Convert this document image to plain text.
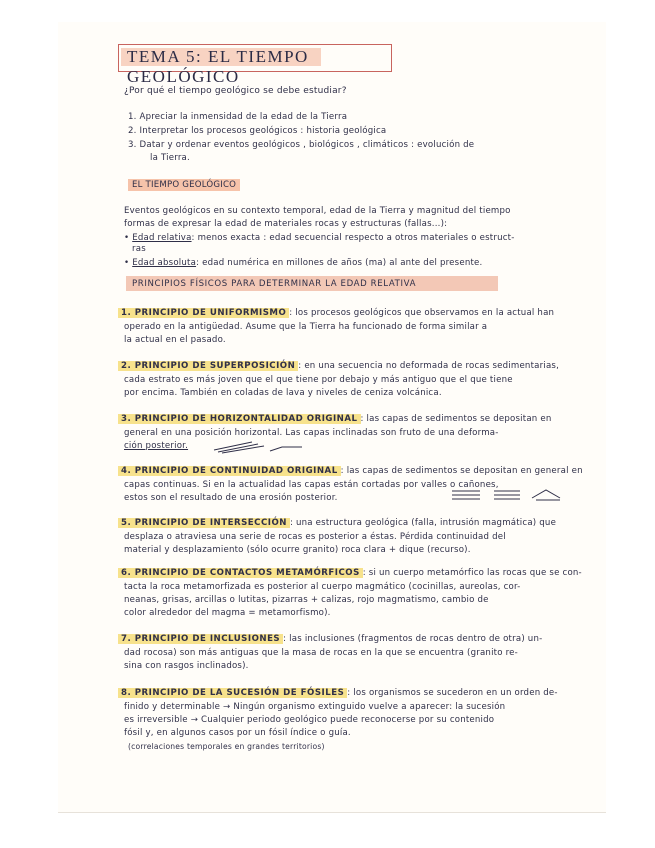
TEMA 5: EL TIEMPO GEOLÓGICO
¿Por qué el tiempo geológico se debe estudiar?
1. Apreciar la inmensidad de la edad de la Tierra
2. Interpretar los procesos geológicos : historia geológica
3. Datar y ordenar eventos geológicos , biológicos , climáticos : evolución de
la Tierra.
EL TIEMPO GEOLÓGICO
Eventos geológicos en su contexto temporal, edad de la Tierra y magnitud del tiempo
formas de expresar la edad de materiales rocas y estructuras (fallas...):
• Edad relativa: menos exacta : edad secuencial respecto a otros materiales o estruct-
ras
• Edad absoluta: edad numérica en millones de años (ma) al ante del presente.
PRINCIPIOS FÍSICOS PARA DETERMINAR LA EDAD RELATIVA
1. PRINCIPIO DE UNIFORMISMO : los procesos geológicos que observamos en la actual han
operado en la antigüedad. Asume que la Tierra ha funcionado de forma similar a
la actual en el pasado.
2. PRINCIPIO DE SUPERPOSICIÓN : en una secuencia no deformada de rocas sedimentarias,
cada estrato es más joven que el que tiene por debajo y más antiguo que el que tiene
por encima. También en coladas de lava y niveles de ceniza volcánica.
3. PRINCIPIO DE HORIZONTALIDAD ORIGINAL : las capas de sedimentos se depositan en
general en una posición horizontal. Las capas inclinadas son fruto de una deforma-
ción posterior.
4. PRINCIPIO DE CONTINUIDAD ORIGINAL : las capas de sedimentos se depositan en general en
capas continuas. Si en la actualidad las capas están cortadas por valles o cañones,
estos son el resultado de una erosión posterior.
5. PRINCIPIO DE INTERSECCIÓN : una estructura geológica (falla, intrusión magmática) que
desplaza o atraviesa una serie de rocas es posterior a éstas. Pérdida continuidad del
material y desplazamiento (sólo ocurre granito) roca clara + dique (recurso).
6. PRINCIPIO DE CONTACTOS METAMÓRFICOS : si un cuerpo metamórfico las rocas que se con-
tacta la roca metamorfizada es posterior al cuerpo magmático (cocinillas, aureolas, cor-
neanas, grisas, arcillas o lutitas, pizarras + calizas, rojo magmatismo, cambio de
color alrededor del magma = metamorfismo).
7. PRINCIPIO DE INCLUSIONES : las inclusiones (fragmentos de rocas dentro de otra) un-
dad rocosa) son más antiguas que la masa de rocas en la que se encuentra (granito re-
sina con rasgos inclinados).
8. PRINCIPIO DE LA SUCESIÓN DE FÓSILES : los organismos se sucederon en un orden de-
finido y determinable → Ningún organismo extinguido vuelve a aparecer: la sucesión
es irreversible → Cualquier periodo geológico puede reconocerse por su contenido
fósil y, en algunos casos por un fósil índice o guía.
(correlaciones temporales en grandes territorios)
